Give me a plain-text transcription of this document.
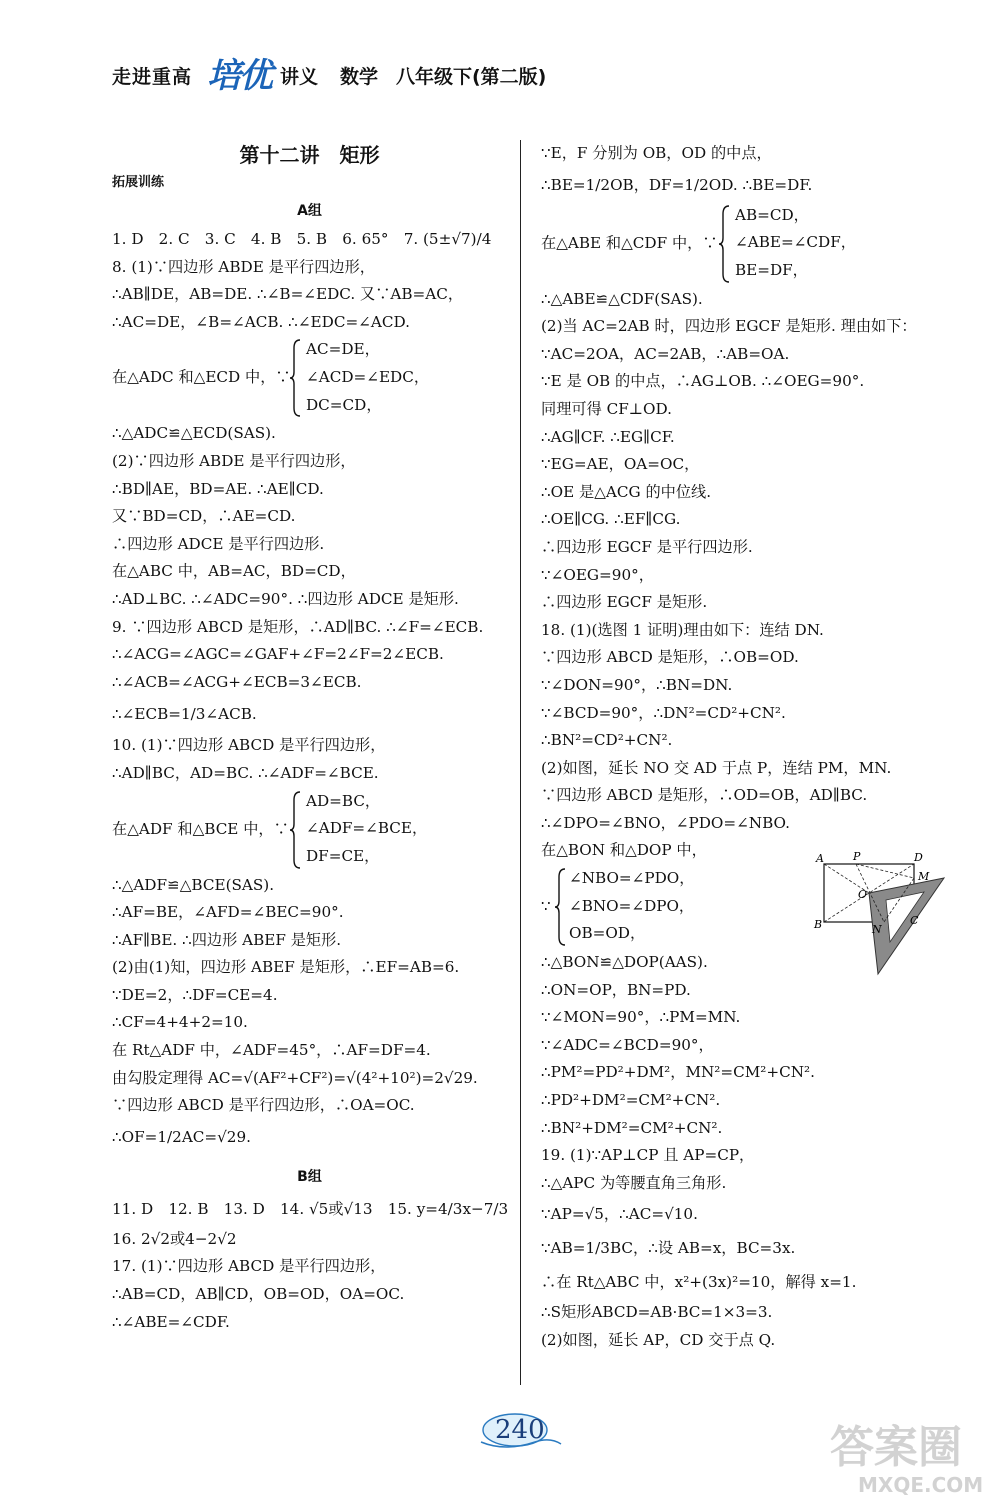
走进重高 培优 讲义 数学 八年级下(第二版)
第十二讲　矩形
拓展训练
A组
1. D　2. C　3. C　4. B　5. B　6. 65°　7. (5±√7)/4
8. (1)∵四边形 ABDE 是平行四边形，
∴AB∥DE，AB=DE. ∴∠B=∠EDC. 又∵AB=AC，
∴AC=DE，∠B=∠ACB. ∴∠EDC=∠ACD.
在△ADC 和△ECD 中，∵
AC=DE，
∠ACD=∠EDC，
DC=CD，
∴△ADC≌△ECD(SAS).
(2)∵四边形 ABDE 是平行四边形，
∴BD∥AE，BD=AE. ∴AE∥CD.
又∵BD=CD，∴AE=CD.
∴四边形 ADCE 是平行四边形.
在△ABC 中，AB=AC，BD=CD，
∴AD⊥BC. ∴∠ADC=90°. ∴四边形 ADCE 是矩形.
9. ∵四边形 ABCD 是矩形，∴AD∥BC. ∴∠F=∠ECB.
∴∠ACG=∠AGC=∠GAF+∠F=2∠F=2∠ECB.
∴∠ACB=∠ACG+∠ECB=3∠ECB.
∴∠ECB=1/3∠ACB.
10. (1)∵四边形 ABCD 是平行四边形，
∴AD∥BC，AD=BC. ∴∠ADF=∠BCE.
在△ADF 和△BCE 中，∵
AD=BC，
∠ADF=∠BCE，
DF=CE，
∴△ADF≌△BCE(SAS).
∴AF=BE，∠AFD=∠BEC=90°.
∴AF∥BE. ∴四边形 ABEF 是矩形.
(2)由(1)知，四边形 ABEF 是矩形，∴EF=AB=6.
∵DE=2，∴DF=CE=4.
∴CF=4+4+2=10.
在 Rt△ADF 中，∠ADF=45°，∴AF=DF=4.
由勾股定理得 AC=√(AF²+CF²)=√(4²+10²)=2√29.
∵四边形 ABCD 是平行四边形，∴OA=OC.
∴OF=1/2AC=√29.
B组
11. D　12. B　13. D　14. √5或√13　15. y=4/3x−7/3
16. 2√2或4−2√2
17. (1)∵四边形 ABCD 是平行四边形，
∴AB=CD，AB∥CD，OB=OD，OA=OC.
∴∠ABE=∠CDF.
∵E，F 分别为 OB，OD 的中点，
∴BE=1/2OB，DF=1/2OD. ∴BE=DF.
在△ABE 和△CDF 中，∵
AB=CD，
∠ABE=∠CDF，
BE=DF，
∴△ABE≌△CDF(SAS).
(2)当 AC=2AB 时，四边形 EGCF 是矩形. 理由如下：
∵AC=2OA，AC=2AB，∴AB=OA.
∵E 是 OB 的中点，∴AG⊥OB. ∴∠OEG=90°.
同理可得 CF⊥OD.
∴AG∥CF. ∴EG∥CF.
∵EG=AE，OA=OC，
∴OE 是△ACG 的中位线.
∴OE∥CG. ∴EF∥CG.
∴四边形 EGCF 是平行四边形.
∵∠OEG=90°，
∴四边形 EGCF 是矩形.
18. (1)(选图 1 证明)理由如下：连结 DN.
∵四边形 ABCD 是矩形，∴OB=OD.
∵∠DON=90°，∴BN=DN.
∵∠BCD=90°，∴DN²=CD²+CN².
∴BN²=CD²+CN².
(2)如图，延长 NO 交 AD 于点 P，连结 PM，MN.
∵四边形 ABCD 是矩形，∴OD=OB，AD∥BC.
∴∠DPO=∠BNO，∠PDO=∠NBO.
在△BON 和△DOP 中，
∵
∠NBO=∠PDO，
∠BNO=∠DPO，
OB=OD，
∴△BON≌△DOP(AAS).
∴ON=OP，BN=PD.
∵∠MON=90°，∴PM=MN.
∵∠ADC=∠BCD=90°，
∴PM²=PD²+DM²，MN²=CM²+CN².
∴PD²+DM²=CM²+CN².
∴BN²+DM²=CM²+CN².
19. (1)∵AP⊥CP 且 AP=CP，
∴△APC 为等腰直角三角形.
∵AP=√5，∴AC=√10.
∵AB=1/3BC，∴设 AB=x，BC=3x.
∴在 Rt△ABC 中，x²+(3x)²=10，解得 x=1.
∴S矩形ABCD=AB·BC=1×3=3.
(2)如图，延长 AP，CD 交于点 Q.
A	P	D
M
O
B	N
C
240	答案圈
MXQE.COM
